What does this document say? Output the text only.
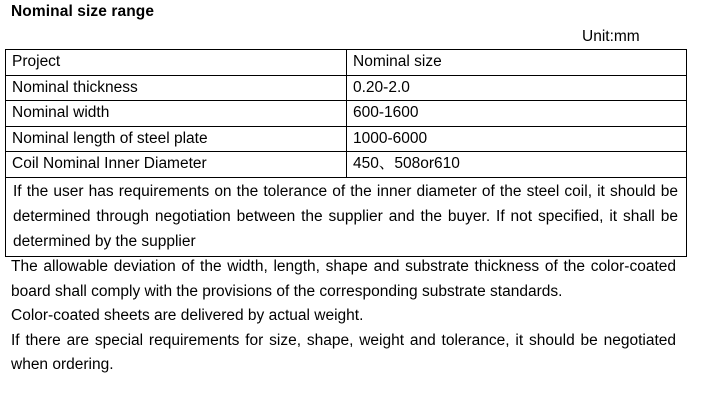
Nominal size range
Unit:mm
Project	Nominal size
Nominal thickness	0.20-2.0
Nominal width	600-1600
Nominal length of steel plate	1000-6000
Coil Nominal Inner Diameter	450、508or610
If the user has requirements on the tolerance of the inner diameter of the steel coil, it should be determined through negotiation between the supplier and the buyer. If not specified, it shall be determined by the supplier	

The allowable deviation of the width, length, shape and substrate thickness of the color-coated board shall comply with the provisions of the corresponding substrate standards.

Color-coated sheets are delivered by actual weight.

If there are special requirements for size, shape, weight and tolerance, it should be negotiated when ordering.
